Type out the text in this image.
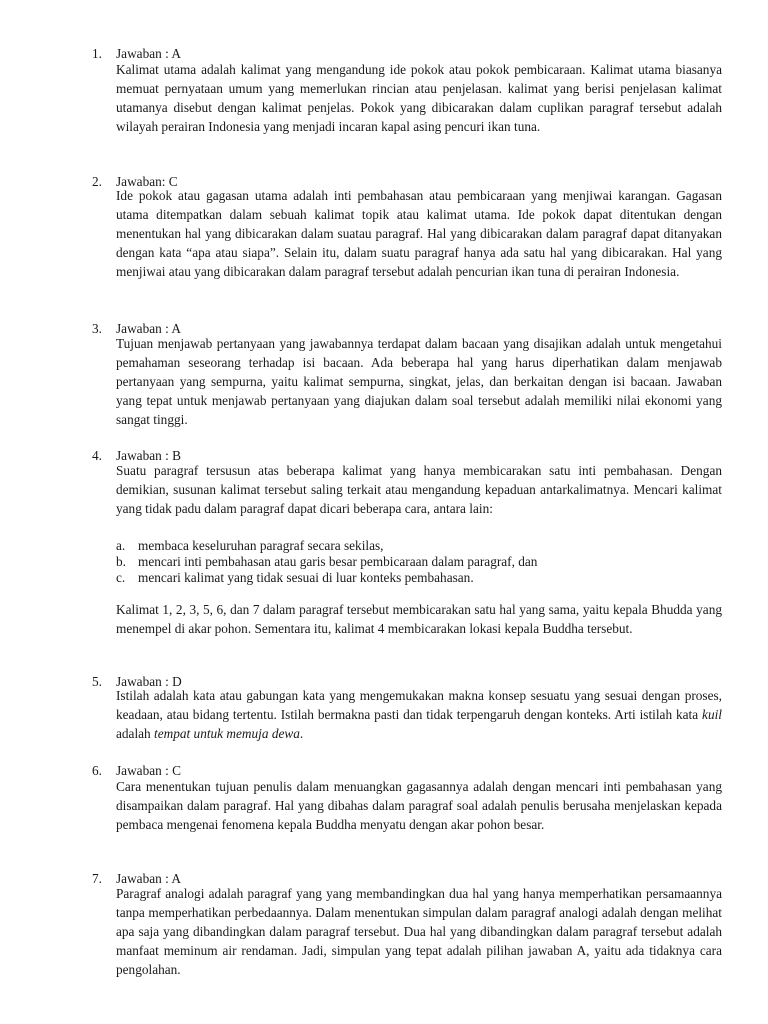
1.	Jawaban : A
Kalimat utama adalah kalimat yang mengandung ide pokok atau pokok pembicaraan. Kalimat utama biasanya memuat pernyataan umum yang memerlukan rincian atau penjelasan. kalimat yang berisi penjelasan kalimat utamanya disebut dengan kalimat penjelas. Pokok yang dibicarakan dalam cuplikan paragraf tersebut adalah wilayah perairan Indonesia yang menjadi incaran kapal asing pencuri ikan tuna.
2.	Jawaban: C
Ide pokok atau gagasan utama adalah inti pembahasan atau pembicaraan yang menjiwai karangan. Gagasan utama ditempatkan dalam sebuah kalimat topik atau kalimat utama. Ide pokok dapat ditentukan dengan menentukan hal yang dibicarakan dalam suatau paragraf. Hal yang dibicarakan dalam paragraf dapat ditanyakan dengan kata “apa atau siapa”. Selain itu, dalam suatu paragraf hanya ada satu hal yang dibicarakan. Hal yang menjiwai atau yang dibicarakan dalam paragraf tersebut adalah pencurian ikan tuna di perairan Indonesia.
3.	Jawaban : A
Tujuan menjawab pertanyaan yang jawabannya terdapat dalam bacaan yang disajikan adalah untuk mengetahui pemahaman seseorang terhadap isi bacaan. Ada beberapa hal yang harus diperhatikan dalam menjawab pertanyaan yang sempurna, yaitu kalimat sempurna, singkat, jelas, dan berkaitan dengan isi bacaan. Jawaban yang tepat untuk menjawab pertanyaan yang diajukan dalam soal tersebut adalah memiliki nilai ekonomi yang sangat tinggi.
4.	Jawaban : B
Suatu paragraf tersusun atas beberapa kalimat yang hanya membicarakan satu inti pembahasan. Dengan demikian, susunan kalimat tersebut saling terkait atau mengandung kepaduan antarkalimatnya. Mencari kalimat yang tidak padu dalam paragraf dapat dicari beberapa cara, antara lain:
a. membaca keseluruhan paragraf secara sekilas,
b. mencari inti pembahasan atau garis besar pembicaraan dalam paragraf, dan
c. mencari kalimat yang tidak sesuai di luar konteks pembahasan.
Kalimat 1, 2, 3, 5, 6, dan 7 dalam paragraf tersebut membicarakan satu hal yang sama, yaitu kepala Bhudda yang menempel di akar pohon. Sementara itu, kalimat 4 membicarakan lokasi kepala Buddha tersebut.
5.	Jawaban : D
Istilah adalah kata atau gabungan kata yang mengemukakan makna konsep sesuatu yang sesuai dengan proses, keadaan, atau bidang tertentu. Istilah bermakna pasti dan tidak terpengaruh dengan konteks. Arti istilah kata kuil adalah tempat untuk memuja dewa.
6.	Jawaban : C
Cara menentukan tujuan penulis dalam menuangkan gagasannya adalah dengan mencari inti pembahasan yang disampaikan dalam paragraf. Hal yang dibahas dalam paragraf soal adalah penulis berusaha menjelaskan kepada pembaca mengenai fenomena kepala Buddha menyatu dengan akar pohon besar.
7.	Jawaban : A
Paragraf analogi adalah paragraf yang yang membandingkan dua hal yang hanya memperhatikan persamaannya tanpa memperhatikan perbedaannya. Dalam menentukan simpulan dalam paragraf analogi adalah dengan melihat apa saja yang dibandingkan dalam paragraf tersebut. Dua hal yang dibandingkan dalam paragraf tersebut adalah manfaat meminum air rendaman. Jadi, simpulan yang tepat adalah pilihan jawaban A, yaitu ada tidaknya cara pengolahan.
